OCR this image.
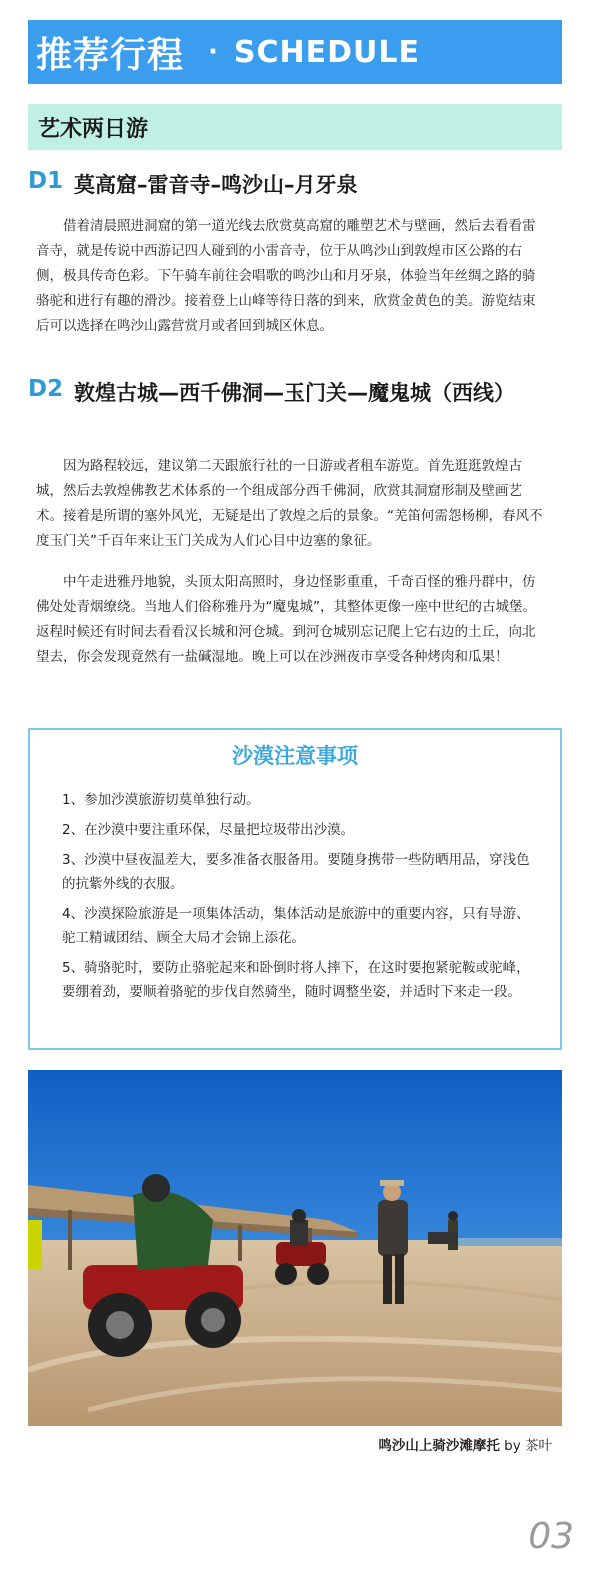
推荐行程 · SCHEDULE
艺术两日游
D1 莫高窟–雷音寺–鸣沙山–月牙泉

借着清晨照进洞窟的第一道光线去欣赏莫高窟的雕塑艺术与壁画，然后去看看雷音寺，就是传说中西游记四人碰到的小雷音寺，位于从鸣沙山到敦煌市区公路的右侧，极具传奇色彩。下午骑车前往会唱歌的鸣沙山和月牙泉，体验当年丝绸之路的骑骆驼和进行有趣的滑沙。接着登上山峰等待日落的到来，欣赏金黄色的美。游览结束后可以选择在鸣沙山露营赏月或者回到城区休息。

D2 敦煌古城—西千佛洞—玉门关—魔鬼城（西线）

因为路程较远，建议第二天跟旅行社的一日游或者租车游览。首先逛逛敦煌古城，然后去敦煌佛教艺术体系的一个组成部分西千佛洞，欣赏其洞窟形制及壁画艺术。接着是所谓的塞外风光，无疑是出了敦煌之后的景象。“羌笛何需怨杨柳，春风不度玉门关”千百年来让玉门关成为人们心目中边塞的象征。

中午走进雅丹地貌，头顶太阳高照时，身边怪影重重，千奇百怪的雅丹群中，仿佛处处青烟缭绕。当地人们俗称雅丹为“魔鬼城”，其整体更像一座中世纪的古城堡。返程时候还有时间去看看汉长城和河仓城。到河仓城别忘记爬上它右边的土丘，向北望去，你会发现竟然有一盐碱湿地。晚上可以在沙洲夜市享受各种烤肉和瓜果！

沙漠注意事项

1、参加沙漠旅游切莫单独行动。

2、在沙漠中要注重环保，尽量把垃圾带出沙漠。

3、沙漠中昼夜温差大，要多准备衣服备用。要随身携带一些防晒用品，穿浅色的抗紫外线的衣服。

4、沙漠探险旅游是一项集体活动，集体活动是旅游中的重要内容，只有导游、驼工精诚团结、顾全大局才会锦上添花。

5、骑骆驼时，要防止骆驼起来和卧倒时将人摔下，在这时要抱紧驼鞍或驼峰，要绷着劲，要顺着骆驼的步伐自然骑坐，随时调整坐姿，并适时下来走一段。

鸣沙山上骑沙滩摩托 by 茶叶
03
